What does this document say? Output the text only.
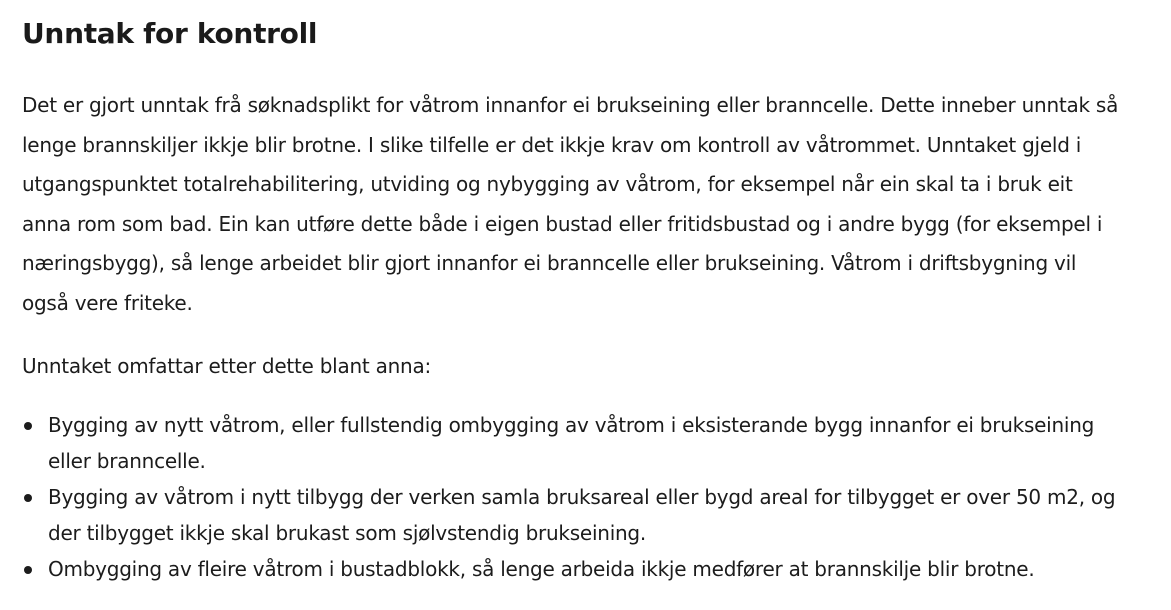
Unntak for kontroll

Det er gjort unntak frå søknadsplikt for våtrom innanfor ei brukseining eller branncelle. Dette inneber unntak så lenge brannskiljer ikkje blir brotne. I slike tilfelle er det ikkje krav om kontroll av våtrommet. Unntaket gjeld i utgangspunktet totalrehabilitering, utviding og nybygging av våtrom, for eksempel når ein skal ta i bruk eit anna rom som bad. Ein kan utføre dette både i eigen bustad eller fritidsbustad og i andre bygg (for eksempel i næringsbygg), så lenge arbeidet blir gjort innanfor ei branncelle eller brukseining. Våtrom i driftsbygning vil også vere friteke.

Unntaket omfattar etter dette blant anna:

Bygging av nytt våtrom, eller fullstendig ombygging av våtrom i eksisterande bygg innanfor ei brukseining eller branncelle.
Bygging av våtrom i nytt tilbygg der verken samla bruksareal eller bygd areal for tilbygget er over 50 m2, og der tilbygget ikkje skal brukast som sjølvstendig brukseining.
Ombygging av fleire våtrom i bustadblokk, så lenge arbeida ikkje medfører at brannskilje blir brotne.
